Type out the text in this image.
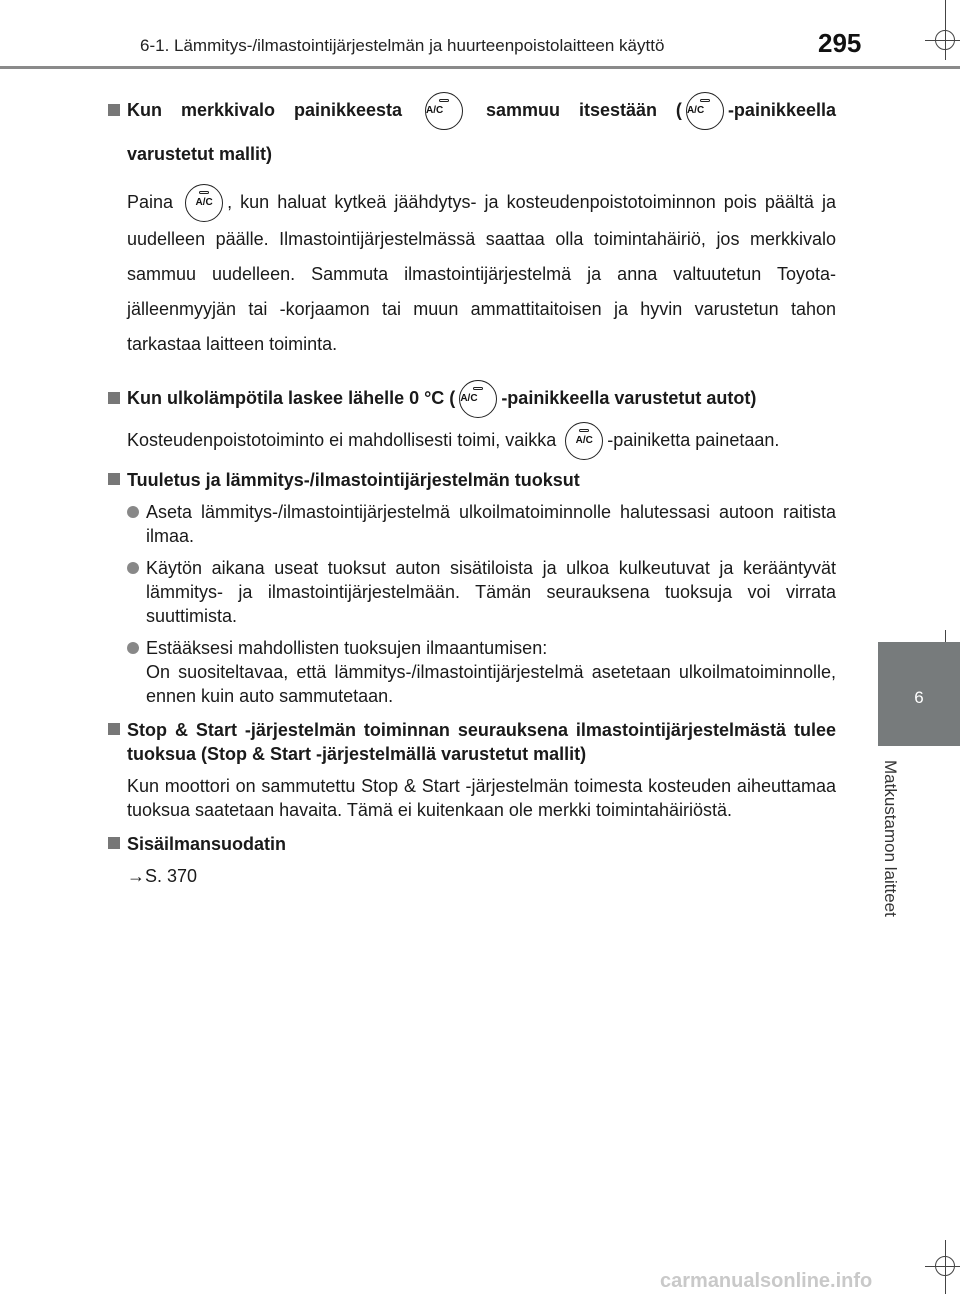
6-1. Lämmitys-/ilmastointijärjestelmän ja huurteenpoistolaitteen käyttö	295
6
Matkustamon laitteet
Kun merkkivalo painikkeesta A/C	sammuu itsestään ( A/C	-painikkeella varustetut mallit)
Paina	A/C , kun haluat kytkeä jäähdytys- ja kosteudenpoistotoiminnon pois päältä ja uudelleen päälle. Ilmastointijärjestelmässä saattaa olla toimintahäiriö, jos merkkivalo sammuu uudelleen. Sammuta ilmastointijärjestelmä ja anna valtuutetun Toyota-jälleenmyyjän tai -korjaamon tai muun ammattitaitoisen ja hyvin varustetun tahon tarkastaa laitteen toiminta.
Kun ulkolämpötila laskee lähelle 0 °C ( A/C	-painikkeella varustetut autot)
Kosteudenpoistotoiminto ei mahdollisesti toimi, vaikka	A/C -painiketta painetaan.
Tuuletus ja lämmitys-/ilmastointijärjestelmän tuoksut
Aseta lämmitys-/ilmastointijärjestelmä ulkoilmatoiminnolle halutessasi autoon raitista ilmaa.
Käytön aikana useat tuoksut auton sisätiloista ja ulkoa kulkeutuvat ja kerääntyvät lämmitys- ja ilmastointijärjestelmään. Tämän seurauksena tuoksuja voi virrata suuttimista.
Estääksesi mahdollisten tuoksujen ilmaantumisen:
On suositeltavaa, että lämmitys-/ilmastointijärjestelmä asetetaan ulkoilmatoiminnolle, ennen kuin auto sammutetaan.
Stop & Start -järjestelmän toiminnan seurauksena ilmastointijärjestelmästä tulee tuoksua (Stop & Start -järjestelmällä varustetut mallit)
Kun moottori on sammutettu Stop & Start -järjestelmän toimesta kosteuden aiheuttamaa tuoksua saatetaan havaita. Tämä ei kuitenkaan ole merkki toimintahäiriöstä.
Sisäilmansuodatin
→S. 370
carmanualsonline.info
